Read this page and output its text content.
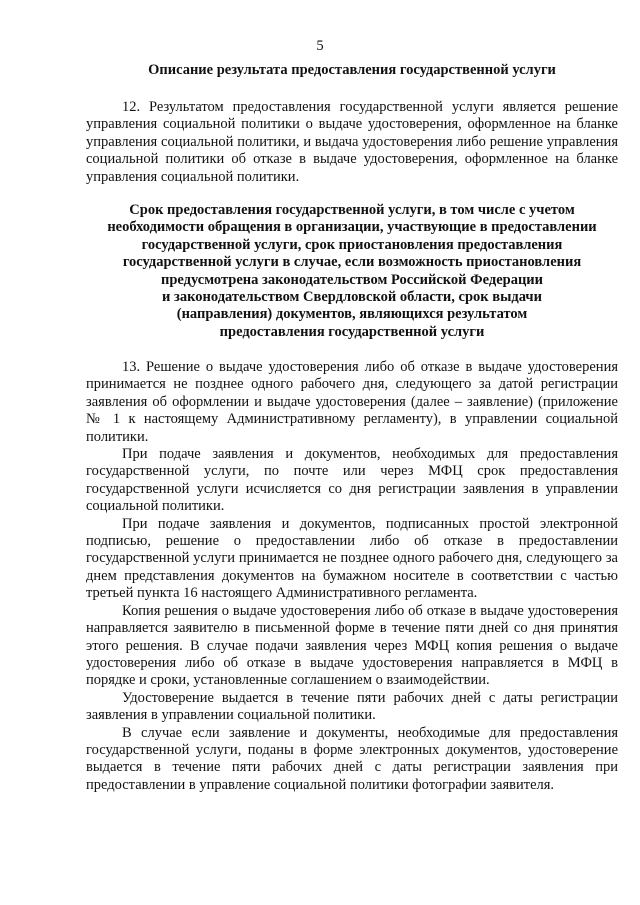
5
Описание результата предоставления государственной услуги

12. Результатом предоставления государственной услуги является решение управления социальной политики о выдаче удостоверения, оформленное на бланке управления социальной политики, и выдача удостоверения либо решение управления социальной политики об отказе в выдаче удостоверения, оформленное на бланке управления социальной политики.

Срок предоставления государственной услуги, в том числе с учетом
необходимости обращения в организации, участвующие в предоставлении
государственной услуги, срок приостановления предоставления
государственной услуги в случае, если возможность приостановления
предусмотрена законодательством Российской Федерации
и законодательством Свердловской области, срок выдачи
(направления) документов, являющихся результатом
предоставления государственной услуги

13. Решение о выдаче удостоверения либо об отказе в выдаче удостоверения принимается не позднее одного рабочего дня, следующего за датой регистрации заявления об оформлении и выдаче удостоверения (далее – заявление) (приложение № 1 к настоящему Административному регламенту), в управлении социальной политики.

При подаче заявления и документов, необходимых для предоставления государственной услуги, по почте или через МФЦ срок предоставления государственной услуги исчисляется со дня регистрации заявления в управлении социальной политики.

При подаче заявления и документов, подписанных простой электронной подписью, решение о предоставлении либо об отказе в предоставлении государственной услуги принимается не позднее одного рабочего дня, следующего за днем представления документов на бумажном носителе в соответствии с частью третьей пункта 16 настоящего Административного регламента.

Копия решения о выдаче удостоверения либо об отказе в выдаче удостоверения направляется заявителю в письменной форме в течение пяти дней со дня принятия этого решения. В случае подачи заявления через МФЦ копия решения о выдаче удостоверения либо об отказе в выдаче удостоверения направляется в МФЦ в порядке и сроки, установленные соглашением о взаимодействии.

Удостоверение выдается в течение пяти рабочих дней с даты регистрации заявления в управлении социальной политики.

В случае если заявление и документы, необходимые для предоставления государственной услуги, поданы в форме электронных документов, удостоверение выдается в течение пяти рабочих дней с даты регистрации заявления при предоставлении в управление социальной политики фотографии заявителя.
